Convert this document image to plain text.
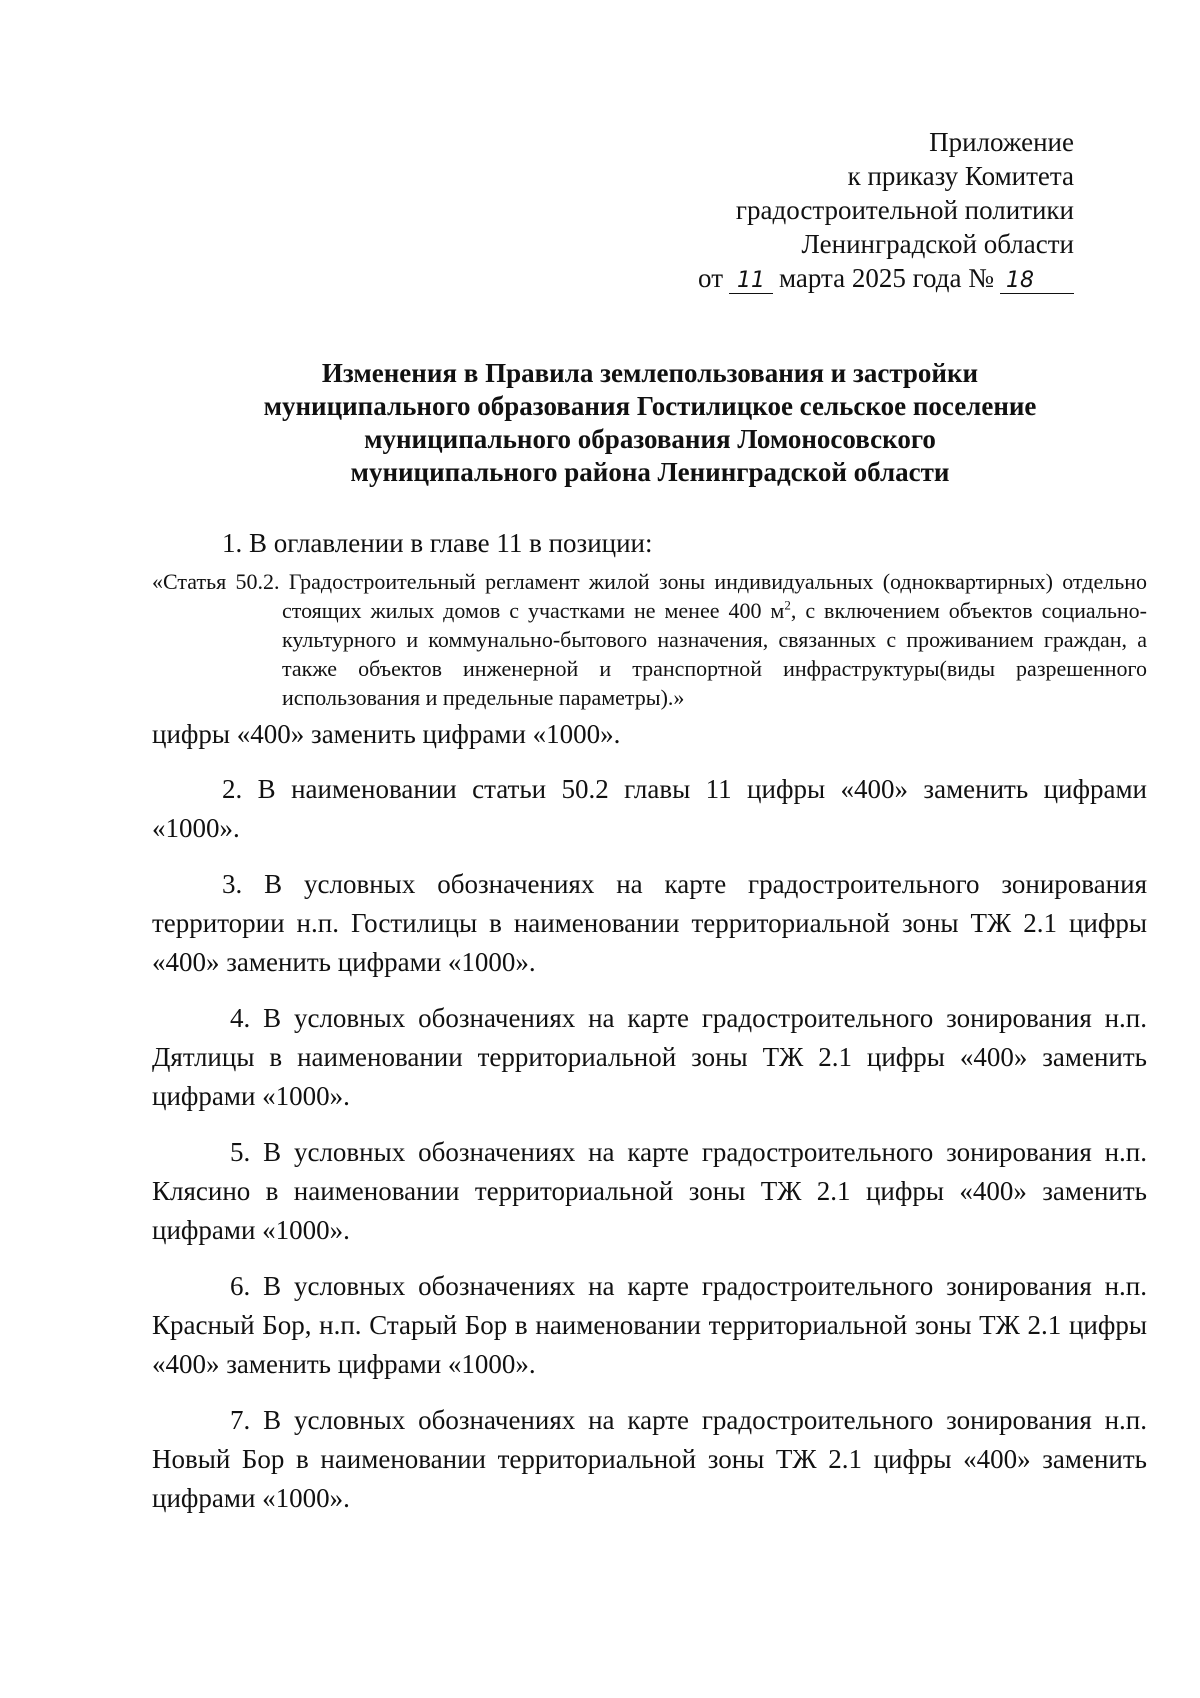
Приложение
к приказу Комитета
градостроительной политики
Ленинградской области
от 11 марта 2025 года № 18
Изменения в Правила землепользования и застройки
муниципального образования Гостилицкое сельское поселение
муниципального образования Ломоносовского
муниципального района Ленинградской области

1. В оглавлении в главе 11 в позиции:

«Статья 50.2. Градостроительный регламент жилой зоны индивидуальных (одноквартирных) отдельно стоящих жилых домов с участками не менее 400 $м^2$, с включением объектов социально-культурного и коммунально-бытового назначения, связанных с проживанием граждан, а также объектов инженерной и транспортной инфраструктуры(виды разрешенного использования и предельные параметры).»

цифры «400» заменить цифрами «1000».

2. В наименовании статьи 50.2 главы 11 цифры «400» заменить цифрами «1000».

3. В условных обозначениях на карте градостроительного зонирования территории н.п. Гостилицы в наименовании территориальной зоны ТЖ 2.1 цифры «400» заменить цифрами «1000».

4. В условных обозначениях на карте градостроительного зонирования н.п. Дятлицы в наименовании территориальной зоны ТЖ 2.1 цифры «400» заменить цифрами «1000».

5. В условных обозначениях на карте градостроительного зонирования н.п. Клясино в наименовании территориальной зоны ТЖ 2.1 цифры «400» заменить цифрами «1000».

6. В условных обозначениях на карте градостроительного зонирования н.п. Красный Бор, н.п. Старый Бор в наименовании территориальной зоны ТЖ 2.1 цифры «400» заменить цифрами «1000».

7. В условных обозначениях на карте градостроительного зонирования н.п. Новый Бор в наименовании территориальной зоны ТЖ 2.1 цифры «400» заменить цифрами «1000».
